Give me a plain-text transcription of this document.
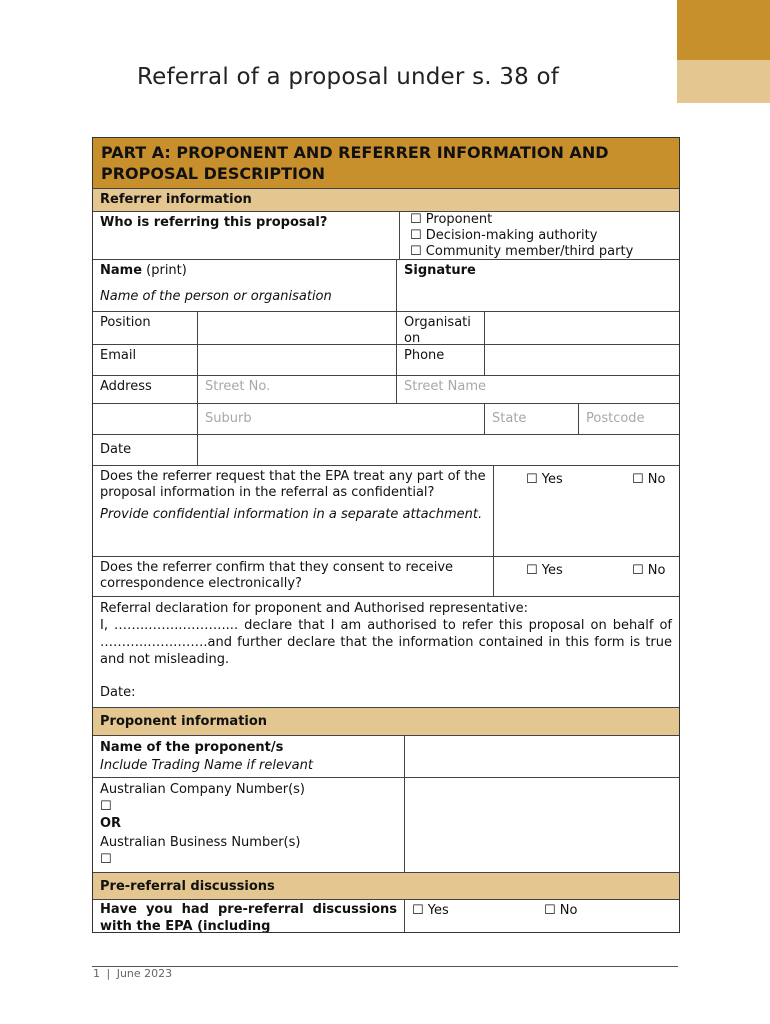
Referral of a proposal under s. 38 of
PART A: PROPONENT AND REFERRER INFORMATION AND PROPOSAL DESCRIPTION
Referrer information
Who is referring this proposal?	☐ Proponent
☐ Decision-making authority
☐ Community member/third party
Name (print)
Name of the person or organisation
Signature
Position	Organisation
Email	Phone
Address	Street No.	Street Name
Suburb	State	Postcode
Date
Does the referrer request that the EPA treat any part of the proposal information in the referral as confidential?
Provide confidential information in a separate attachment.
☐ Yes	☐ No
Does the referrer confirm that they consent to receive correspondence electronically?
☐ Yes	☐ No
Referral declaration for proponent and Authorised representative:
I, ……..……..……….... declare that I am authorised to refer this proposal on behalf of ………..…….…….and further declare that the information contained in this form is true and not misleading.
Date:
Proponent information
Name of the proponent/s
Include Trading Name if relevant
Australian Company Number(s)
☐
OR
Australian Business Number(s)
☐
Pre-referral discussions
Have you had pre-referral discussions with the EPA (including
☐ Yes	☐ No
1 | June 2023
